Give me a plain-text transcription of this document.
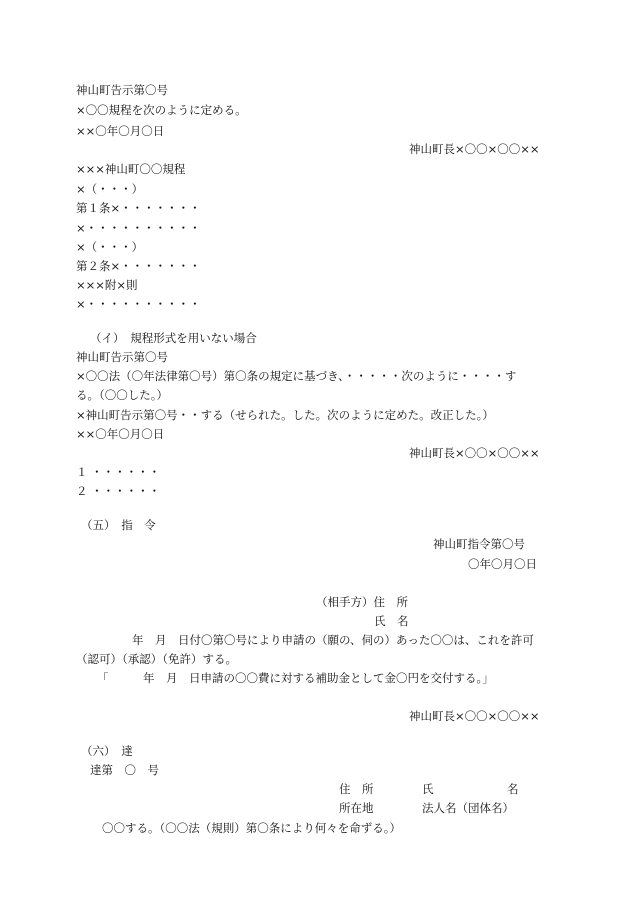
神山町告示第〇号
×〇〇規程を次のように定める。
××〇年〇月〇日
神山町長×〇〇×〇〇××
×××神山町〇〇規程
×（・・・）
第１条×・・・・・・・
×・・・・・・・・・・
×（・・・）
第２条×・・・・・・・
×××附×則
×・・・・・・・・・・
（イ）　規程形式を用いない場合
神山町告示第〇号
×〇〇法（〇年法律第〇号）第〇条の規定に基づき、・・・・・次のように・・・・す
る。（〇〇した。）
×神山町告示第〇号・・する（せられた。した。次のように定めた。改正した。）
××〇年〇月〇日
神山町長×〇〇×〇〇××
１ ・・・・・・
２ ・・・・・・
（五）　指　令
神山町指令第〇号
〇年〇月〇日
（相手方）住　所
氏　名
年　月　日付〇第〇号により申請の（願の、伺の）あった〇〇は、これを許可
（認可）（承認）（免許）する。
「　　　年　月　日申請の〇〇費に対する補助金として金〇円を交付する。」
神山町長×〇〇×〇〇××
（六）　達
達第　〇　号
住　所	氏	名
所在地	法人名（団体名）
〇〇する。（〇〇法（規則）第〇条により何々を命ずる。）
